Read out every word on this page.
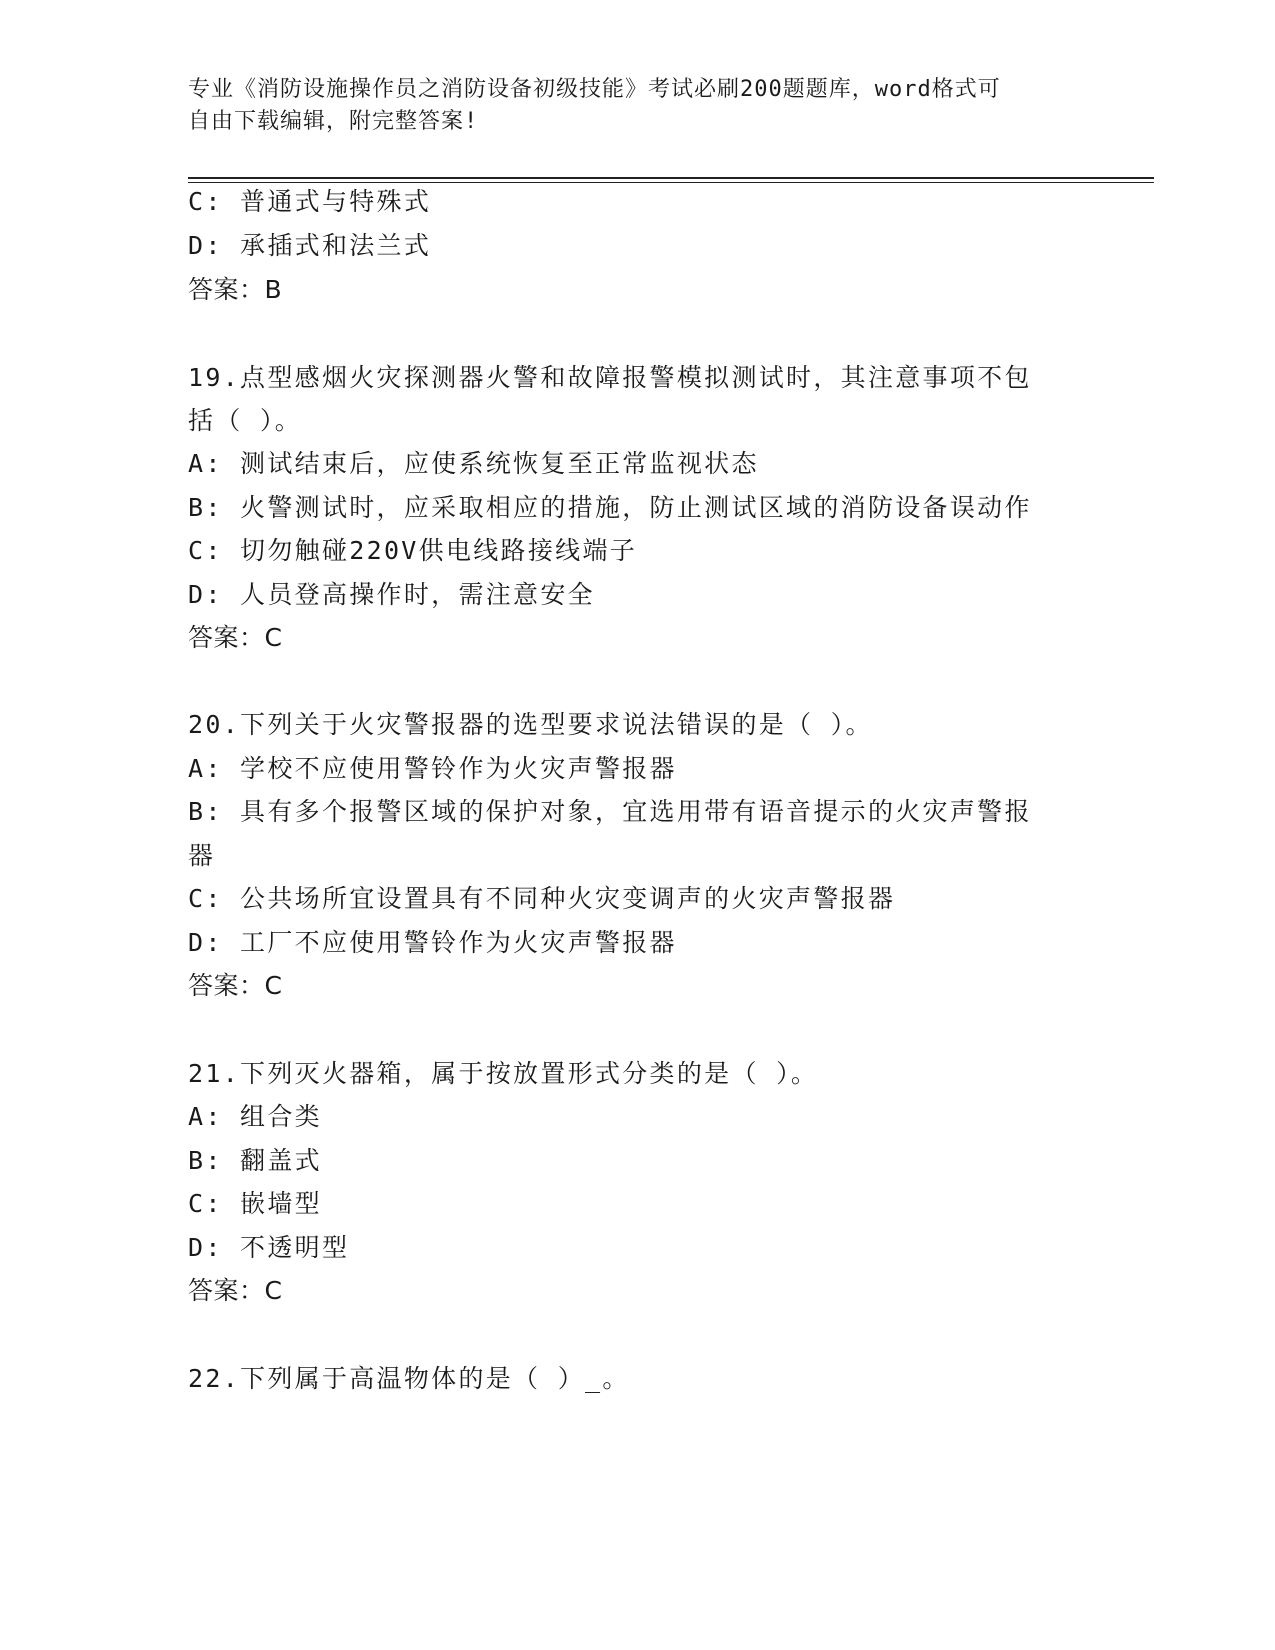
专业《消防设施操作员之消防设备初级技能》考试必刷200题题库，word格式可
自由下载编辑，附完整答案!
C: 普通式与特殊式
D: 承插式和法兰式
答案：B
19.点型感烟火灾探测器火警和故障报警模拟测试时，其注意事项不包
括（ ）。
A: 测试结束后，应使系统恢复至正常监视状态
B: 火警测试时，应采取相应的措施，防止测试区域的消防设备误动作
C: 切勿触碰220V供电线路接线端子
D: 人员登高操作时，需注意安全
答案：C
20.下列关于火灾警报器的选型要求说法错误的是（ ）。
A: 学校不应使用警铃作为火灾声警报器
B: 具有多个报警区域的保护对象，宜选用带有语音提示的火灾声警报
器
C: 公共场所宜设置具有不同种火灾变调声的火灾声警报器
D: 工厂不应使用警铃作为火灾声警报器
答案：C
21.下列灭火器箱，属于按放置形式分类的是（ ）。
A: 组合类
B: 翻盖式
C: 嵌墙型
D: 不透明型
答案：C
22.下列属于高温物体的是（ ）_。
